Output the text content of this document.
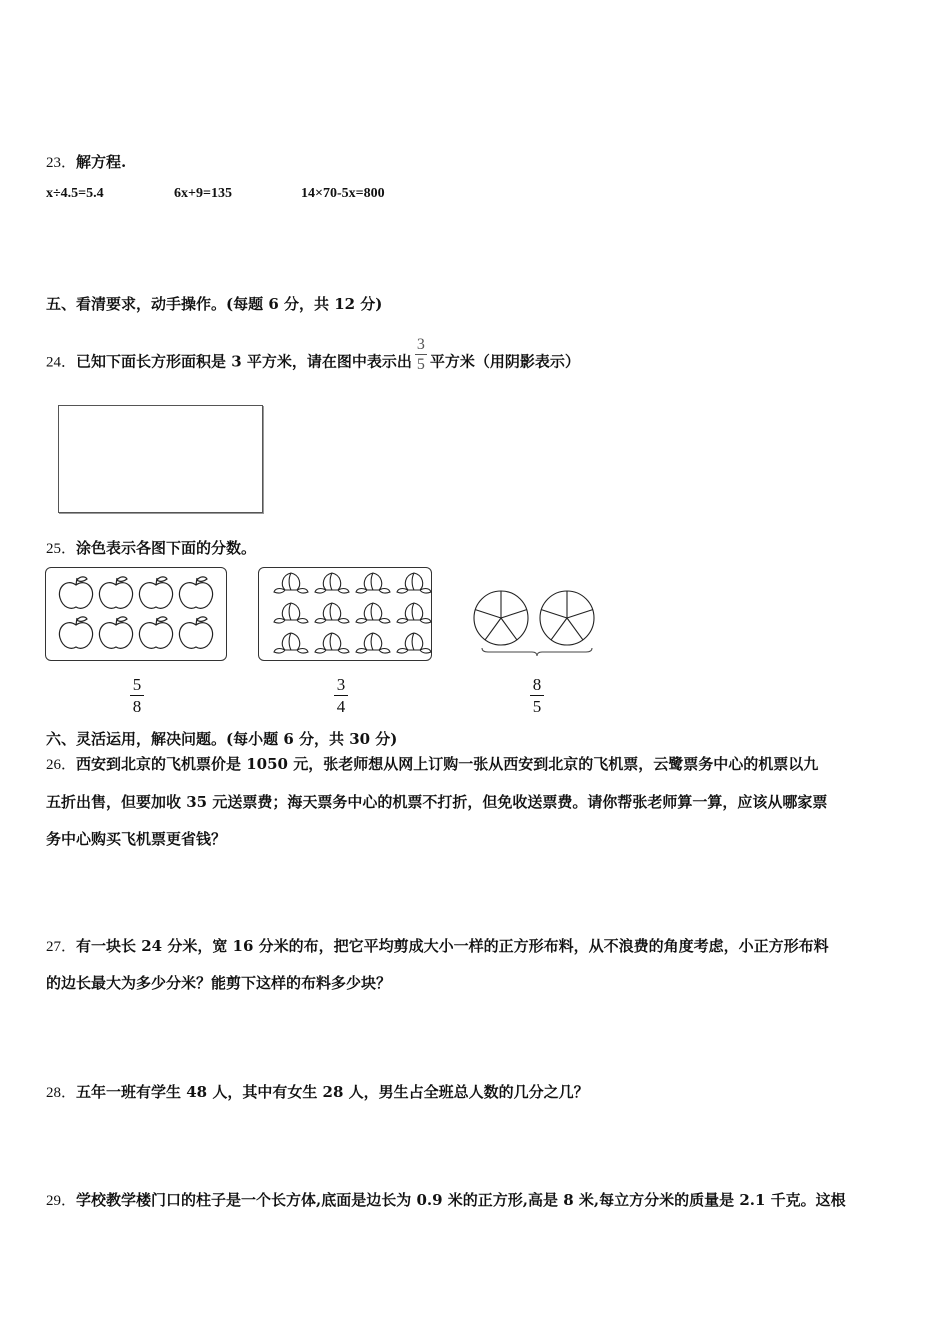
23．解方程.
x÷4.5=5.4	6x+9=135	14×70-5x=800
五、看清要求，动手操作。(每题 6 分，共 12 分)
24．已知下面长方形面积是 3 平方米，请在图中表示出 $\frac{3}{5}$ 平方米（用阴影表示）
25．涂色表示各图下面的分数。
5
8
3
4
8
5
六、灵活运用，解决问题。(每小题 6 分，共 30 分)
26．西安到北京的飞机票价是 1050 元，张老师想从网上订购一张从西安到北京的飞机票，云鹭票务中心的机票以九
五折出售，但要加收 35 元送票费；海天票务中心的机票不打折，但免收送票费。请你帮张老师算一算，应该从哪家票
务中心购买飞机票更省钱？
27．有一块长 24 分米，宽 16 分米的布，把它平均剪成大小一样的正方形布料，从不浪费的角度考虑，小正方形布料
的边长最大为多少分米？能剪下这样的布料多少块？
28．五年一班有学生 48 人，其中有女生 28 人，男生占全班总人数的几分之几？
29．学校教学楼门口的柱子是一个长方体,底面是边长为 0.9 米的正方形,高是 8 米,每立方分米的质量是 2.1 千克。这根
